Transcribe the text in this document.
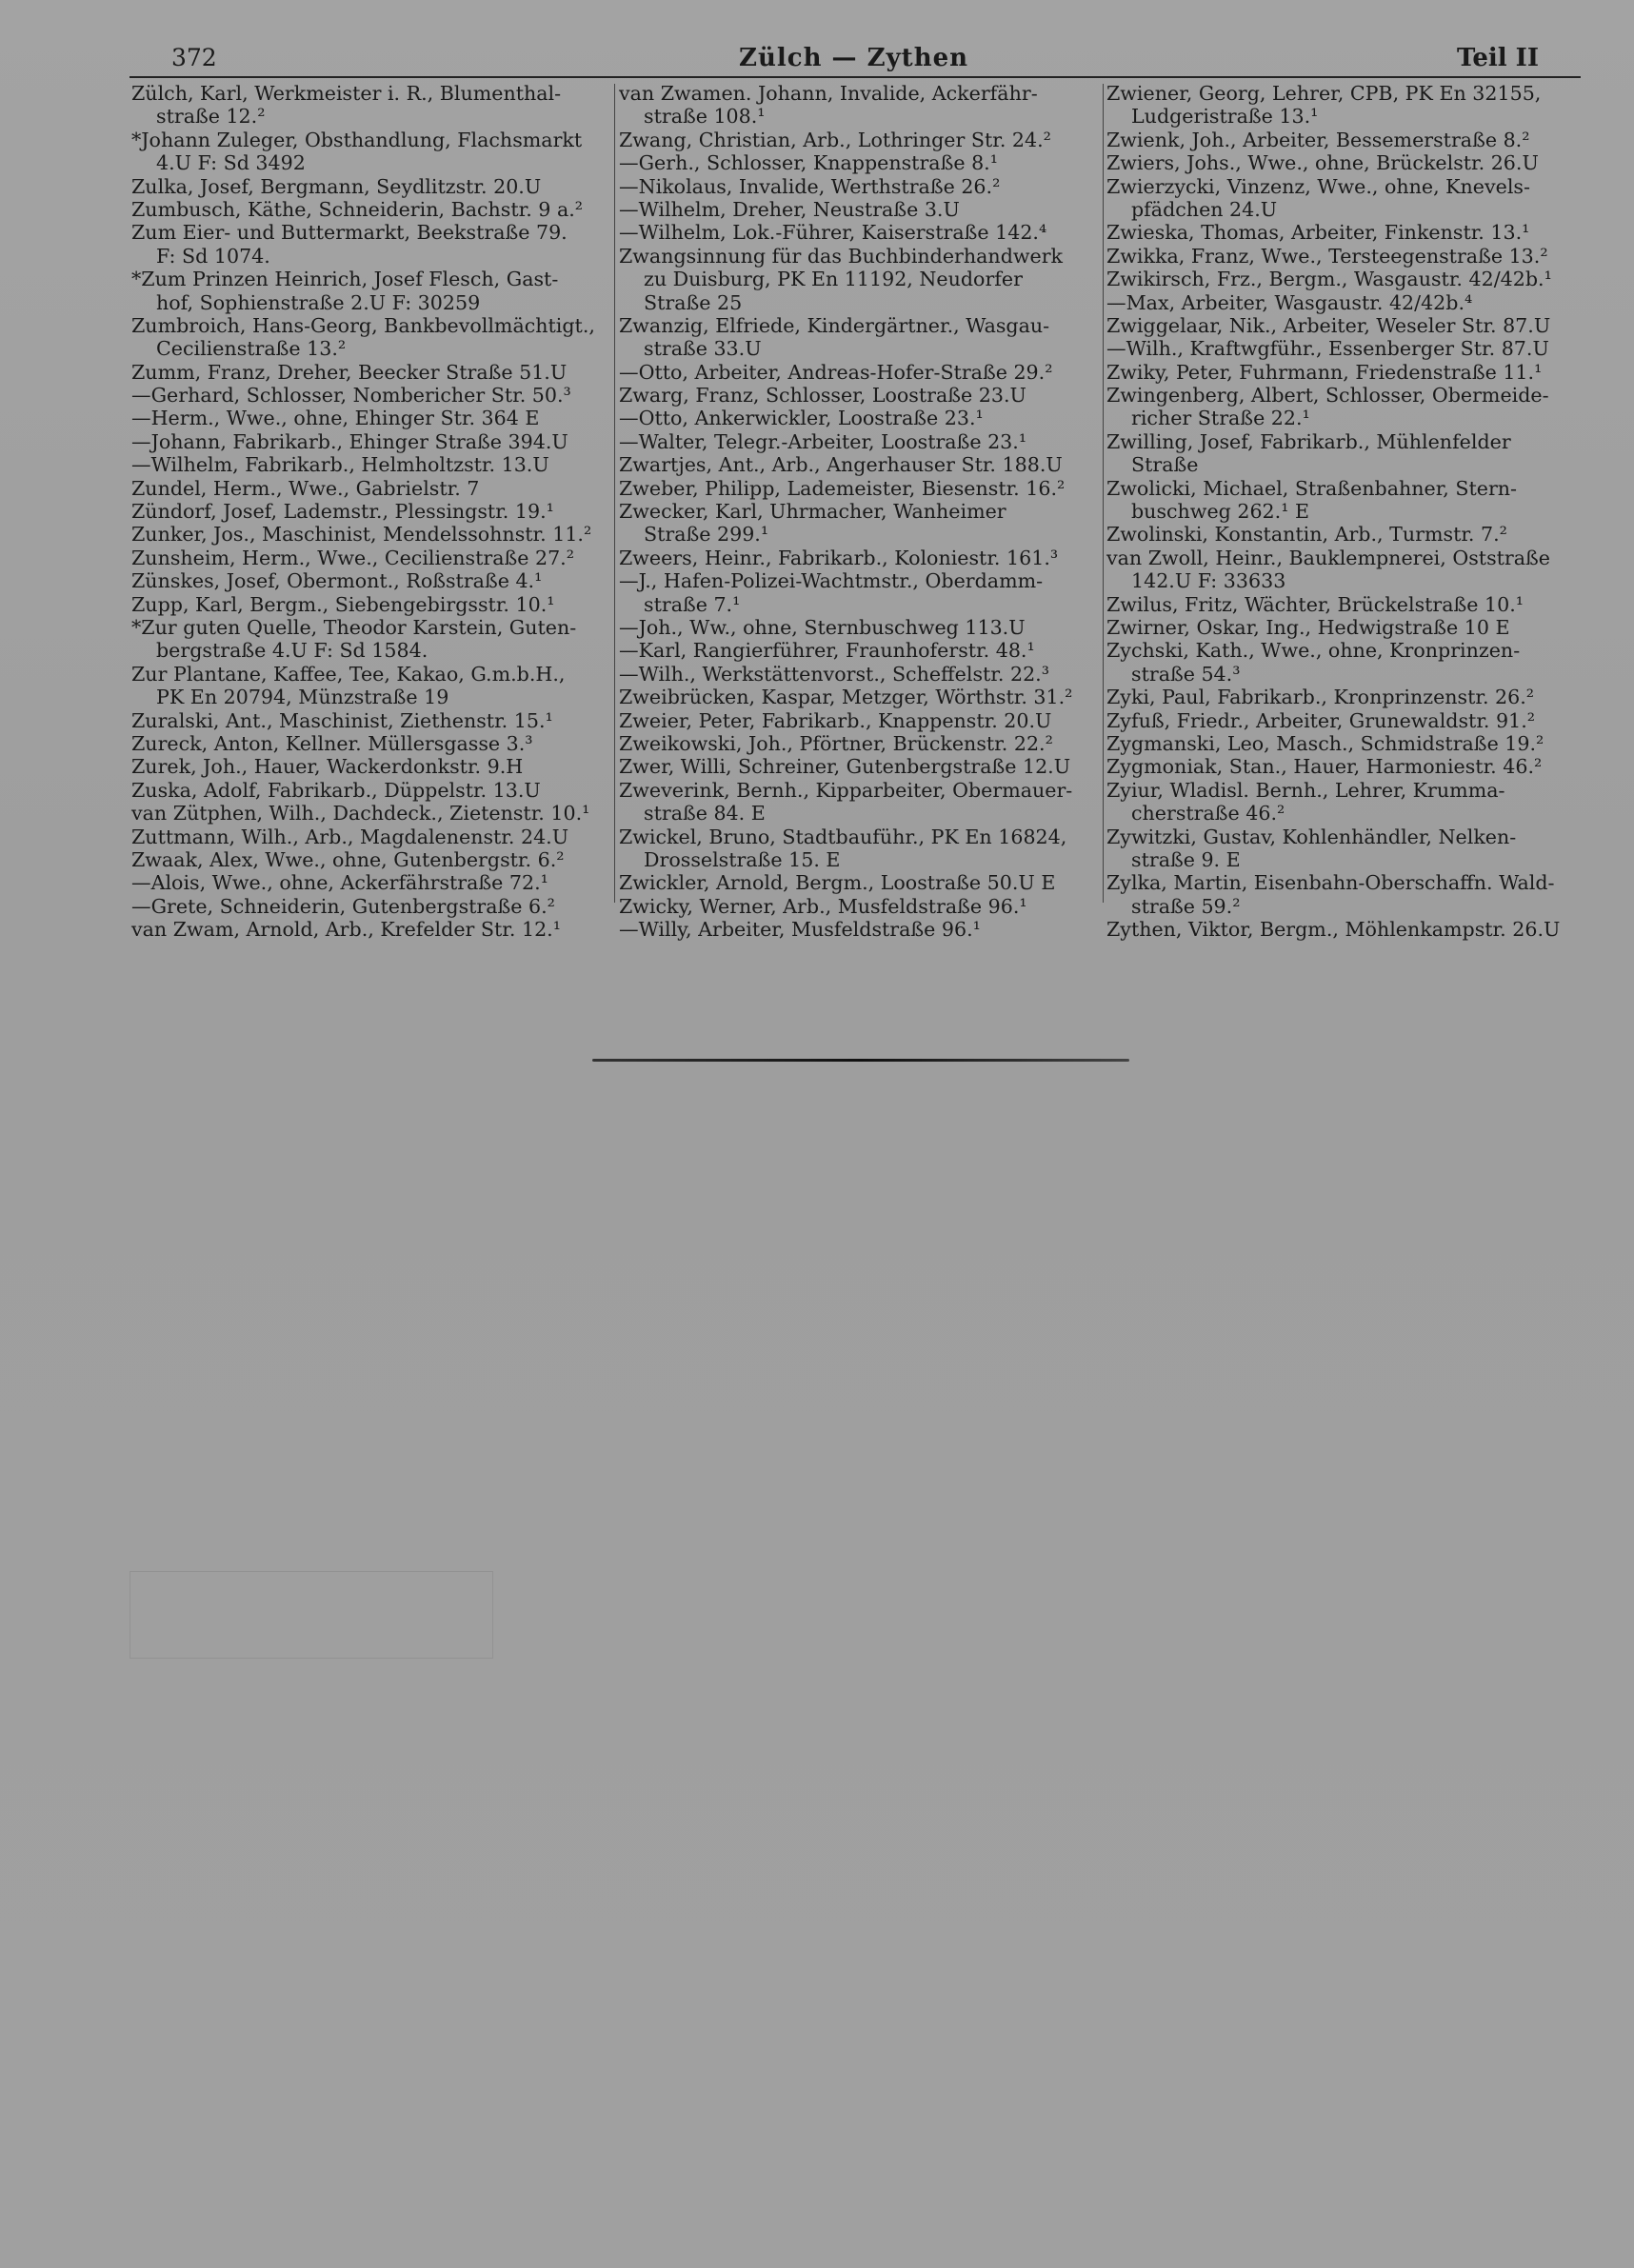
372	Zülch — Zythen	Teil II
Zülch, Karl, Werkmeister i. R., Blumenthal-
straße 12.²
*Johann Zuleger, Obsthandlung, Flachsmarkt
4.U F: Sd 3492
Zulka, Josef, Bergmann, Seydlitzstr. 20.U
Zumbusch, Käthe, Schneiderin, Bachstr. 9 a.²
Zum Eier- und Buttermarkt, Beekstraße 79.
F: Sd 1074.
*Zum Prinzen Heinrich, Josef Flesch, Gast-
hof, Sophienstraße 2.U F: 30259
Zumbroich, Hans-Georg, Bankbevollmächtigt.,
Cecilienstraße 13.²
Zumm, Franz, Dreher, Beecker Straße 51.U
—Gerhard, Schlosser, Nombericher Str. 50.³
—Herm., Wwe., ohne, Ehinger Str. 364 E
—Johann, Fabrikarb., Ehinger Straße 394.U
—Wilhelm, Fabrikarb., Helmholtzstr. 13.U
Zundel, Herm., Wwe., Gabrielstr. 7
Zündorf, Josef, Lademstr., Plessingstr. 19.¹
Zunker, Jos., Maschinist, Mendelssohnstr. 11.²
Zunsheim, Herm., Wwe., Cecilienstraße 27.²
Zünskes, Josef, Obermont., Roßstraße 4.¹
Zupp, Karl, Bergm., Siebengebirgsstr. 10.¹
*Zur guten Quelle, Theodor Karstein, Guten-
bergstraße 4.U F: Sd 1584.
Zur Plantane, Kaffee, Tee, Kakao, G.m.b.H.,
PK En 20794, Münzstraße 19
Zuralski, Ant., Maschinist, Ziethenstr. 15.¹
Zureck, Anton, Kellner. Müllersgasse 3.³
Zurek, Joh., Hauer, Wackerdonkstr. 9.H
Zuska, Adolf, Fabrikarb., Düppelstr. 13.U
van Zütphen, Wilh., Dachdeck., Zietenstr. 10.¹
Zuttmann, Wilh., Arb., Magdalenenstr. 24.U
Zwaak, Alex, Wwe., ohne, Gutenbergstr. 6.²
—Alois, Wwe., ohne, Ackerfährstraße 72.¹
—Grete, Schneiderin, Gutenbergstraße 6.²
van Zwam, Arnold, Arb., Krefelder Str. 12.¹
van Zwamen. Johann, Invalide, Ackerfähr-
straße 108.¹
Zwang, Christian, Arb., Lothringer Str. 24.²
—Gerh., Schlosser, Knappenstraße 8.¹
—Nikolaus, Invalide, Werthstraße 26.²
—Wilhelm, Dreher, Neustraße 3.U
—Wilhelm, Lok.-Führer, Kaiserstraße 142.⁴
Zwangsinnung für das Buchbinderhandwerk
zu Duisburg, PK En 11192, Neudorfer
Straße 25
Zwanzig, Elfriede, Kindergärtner., Wasgau-
straße 33.U
—Otto, Arbeiter, Andreas-Hofer-Straße 29.²
Zwarg, Franz, Schlosser, Loostraße 23.U
—Otto, Ankerwickler, Loostraße 23.¹
—Walter, Telegr.-Arbeiter, Loostraße 23.¹
Zwartjes, Ant., Arb., Angerhauser Str. 188.U
Zweber, Philipp, Lademeister, Biesenstr. 16.²
Zwecker, Karl, Uhrmacher, Wanheimer
Straße 299.¹
Zweers, Heinr., Fabrikarb., Koloniestr. 161.³
—J., Hafen-Polizei-Wachtmstr., Oberdamm-
straße 7.¹
—Joh., Ww., ohne, Sternbuschweg 113.U
—Karl, Rangierführer, Fraunhoferstr. 48.¹
—Wilh., Werkstättenvorst., Scheffelstr. 22.³
Zweibrücken, Kaspar, Metzger, Wörthstr. 31.²
Zweier, Peter, Fabrikarb., Knappenstr. 20.U
Zweikowski, Joh., Pförtner, Brückenstr. 22.²
Zwer, Willi, Schreiner, Gutenbergstraße 12.U
Zweverink, Bernh., Kipparbeiter, Obermauer-
straße 84. E
Zwickel, Bruno, Stadtbauführ., PK En 16824,
Drosselstraße 15. E
Zwickler, Arnold, Bergm., Loostraße 50.U E
Zwicky, Werner, Arb., Musfeldstraße 96.¹
—Willy, Arbeiter, Musfeldstraße 96.¹
Zwiener, Georg, Lehrer, CPB, PK En 32155,
Ludgeristraße 13.¹
Zwienk, Joh., Arbeiter, Bessemerstraße 8.²
Zwiers, Johs., Wwe., ohne, Brückelstr. 26.U
Zwierzycki, Vinzenz, Wwe., ohne, Knevels-
pfädchen 24.U
Zwieska, Thomas, Arbeiter, Finkenstr. 13.¹
Zwikka, Franz, Wwe., Tersteegenstraße 13.²
Zwikirsch, Frz., Bergm., Wasgaustr. 42/42b.¹
—Max, Arbeiter, Wasgaustr. 42/42b.⁴
Zwiggelaar, Nik., Arbeiter, Weseler Str. 87.U
—Wilh., Kraftwgführ., Essenberger Str. 87.U
Zwiky, Peter, Fuhrmann, Friedenstraße 11.¹
Zwingenberg, Albert, Schlosser, Obermeide-
richer Straße 22.¹
Zwilling, Josef, Fabrikarb., Mühlenfelder
Straße
Zwolicki, Michael, Straßenbahner, Stern-
buschweg 262.¹ E
Zwolinski, Konstantin, Arb., Turmstr. 7.²
van Zwoll, Heinr., Bauklempnerei, Oststraße
142.U F: 33633
Zwilus, Fritz, Wächter, Brückelstraße 10.¹
Zwirner, Oskar, Ing., Hedwigstraße 10 E
Zychski, Kath., Wwe., ohne, Kronprinzen-
straße 54.³
Zyki, Paul, Fabrikarb., Kronprinzenstr. 26.²
Zyfuß, Friedr., Arbeiter, Grunewaldstr. 91.²
Zygmanski, Leo, Masch., Schmidstraße 19.²
Zygmoniak, Stan., Hauer, Harmoniestr. 46.²
Zyiur, Wladisl. Bernh., Lehrer, Krumma-
cherstraße 46.²
Zywitzki, Gustav, Kohlenhändler, Nelken-
straße 9. E
Zylka, Martin, Eisenbahn-Oberschaffn. Wald-
straße 59.²
Zythen, Viktor, Bergm., Möhlenkampstr. 26.U
